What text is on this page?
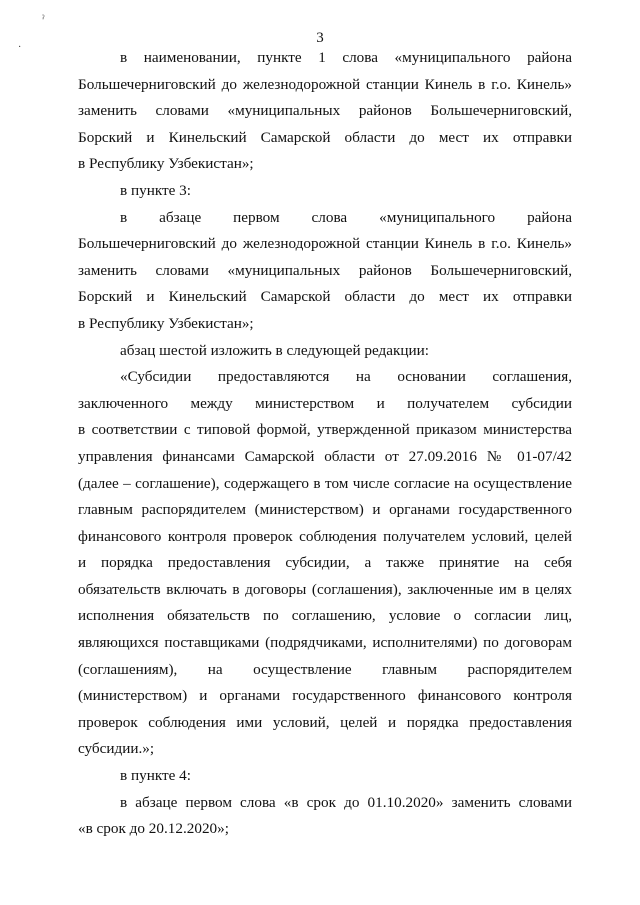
ˀ
·
3
в наименовании, пункте 1 слова «муниципального района
Большечерниговский до железнодорожной станции Кинель в г.о. Кинель»
заменить словами «муниципальных районов Большечерниговский,
Борский и Кинельский Самарской области до мест их отправки
в Республику Узбекистан»;
в пункте 3:
в абзаце первом слова «муниципального района
Большечерниговский до железнодорожной станции Кинель в г.о. Кинель»
заменить словами «муниципальных районов Большечерниговский,
Борский и Кинельский Самарской области до мест их отправки
в Республику Узбекистан»;
абзац шестой изложить в следующей редакции:
«Субсидии предоставляются на основании соглашения,
заключенного между министерством и получателем субсидии
в соответствии с типовой формой, утвержденной приказом министерства
управления финансами Самарской области от 27.09.2016 № 01-07/42
(далее – соглашение), содержащего в том числе согласие на осуществление
главным распорядителем (министерством) и органами государственного
финансового контроля проверок соблюдения получателем условий, целей
и порядка предоставления субсидии, а также принятие на себя
обязательств включать в договоры (соглашения), заключенные им в целях
исполнения обязательств по соглашению, условие о согласии лиц,
являющихся поставщиками (подрядчиками, исполнителями) по договорам
(соглашениям), на осуществление главным распорядителем
(министерством) и органами государственного финансового контроля
проверок соблюдения ими условий, целей и порядка предоставления
субсидии.»;
в пункте 4:
в абзаце первом слова «в срок до 01.10.2020» заменить словами
«в срок до 20.12.2020»;
